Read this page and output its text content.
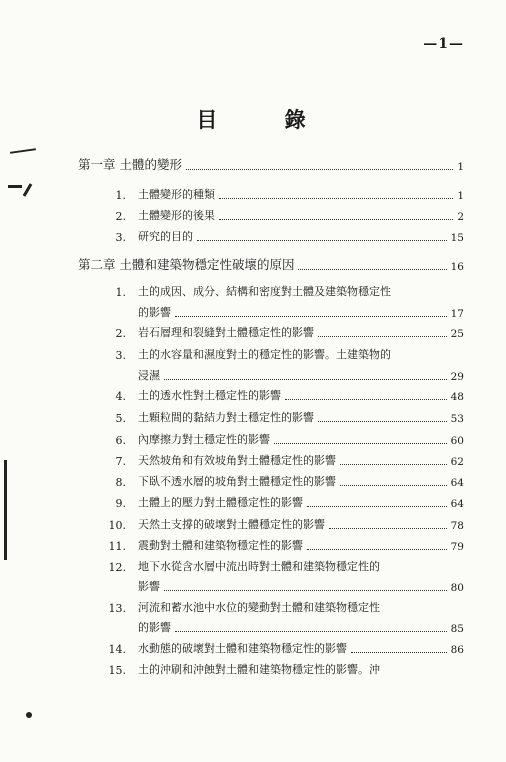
—1—
目 錄
第一章 土體的變形	1
1. 土體變形的種類	1
2. 土體變形的後果	2
3. 研究的目的	15
第二章 土體和建築物穩定性破壞的原因	16
1. 土的成因、成分、結構和密度對土體及建築物穩定性
的影響	17
2. 岩石層理和裂縫對土體穩定性的影響	25
3. 土的水容量和濕度對土的穩定性的影響。土建築物的
浸濕	29
4. 土的透水性對土穩定性的影響	48
5. 土顆粒間的黏結力對土穩定性的影響	53
6. 內摩擦力對土穩定性的影響	60
7. 天然坡角和有效坡角對土體穩定性的影響	62
8. 下臥不透水層的坡角對土體穩定性的影響	64
9. 土體上的壓力對土體穩定性的影響	64
10. 天然土支撐的破壞對土體穩定性的影響	78
11. 震動對土體和建築物穩定性的影響	79
12. 地下水從含水層中流出時對土體和建築物穩定性的
影響	80
13. 河流和蓄水池中水位的變動對土體和建築物穩定性
的影響	85
14. 水動態的破壞對土體和建築物穩定性的影響	86
15. 土的沖刷和沖蝕對土體和建築物穩定性的影響。沖
